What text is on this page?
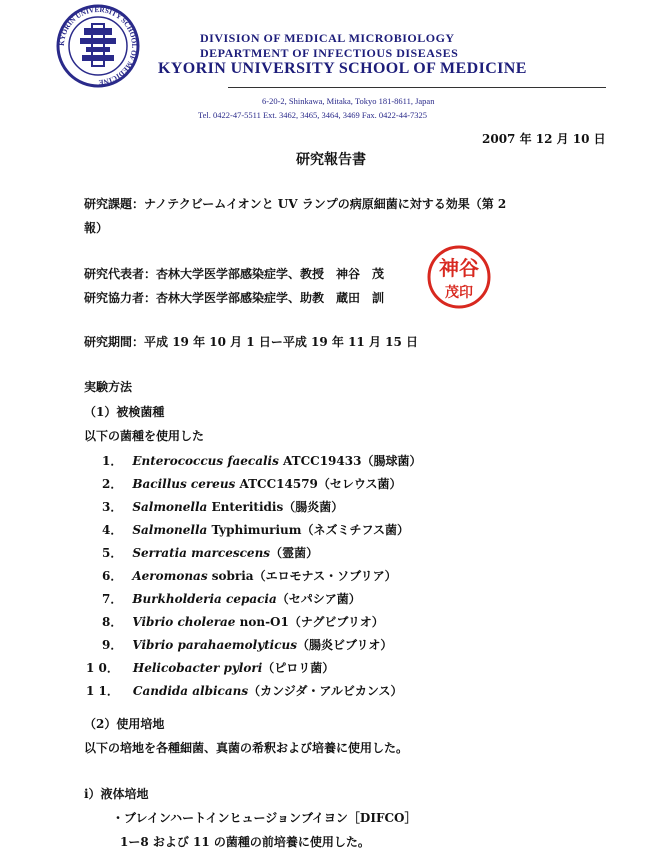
KYORIN UNIVERSITY SCHOOL OF MEDICINE
DIVISION OF MEDICAL MICROBIOLOGY
DEPARTMENT OF INFECTIOUS DISEASES
KYORIN UNIVERSITY SCHOOL OF MEDICINE
6-20-2, Shinkawa, Mitaka, Tokyo 181-8611, Japan
Tel. 0422-47-5511 Ext. 3462, 3465, 3464, 3469 Fax. 0422-44-7325
2007 年 12 月 10 日
研究報告書
研究課題：ナノテクビームイオンと UV ランプの病原細菌に対する効果（第 2
報）
研究代表者：杏林大学医学部感染症学、教授　神谷　茂
研究協力者：杏林大学医学部感染症学、助教　蔵田　訓
神谷
茂印
研究期間：平成 19 年 10 月 1 日ー平成 19 年 11 月 15 日
実験方法
（1）被検菌種
以下の菌種を使用した
1． Enterococcus faecalis ATCC19433（腸球菌）
2． Bacillus cereus ATCC14579（セレウス菌）
3． Salmonella Enteritidis（腸炎菌）
4． Salmonella Typhimurium（ネズミチフス菌）
5． Serratia marcescens（霊菌）
6． Aeromonas sobria（エロモナス・ソブリア）
7． Burkholderia cepacia（セパシア菌）
8． Vibrio cholerae non-O1（ナグビブリオ）
9． Vibrio parahaemolyticus（腸炎ビブリオ）
1 0． Helicobacter pylori（ピロリ菌）
1 1． Candida albicans（カンジダ・アルビカンス）
（2）使用培地
以下の培地を各種細菌、真菌の希釈および培養に使用した。
i）液体培地
・ブレインハートインヒュージョンブイヨン［DIFCO］
1ー8 および 11 の菌種の前培養に使用した。
